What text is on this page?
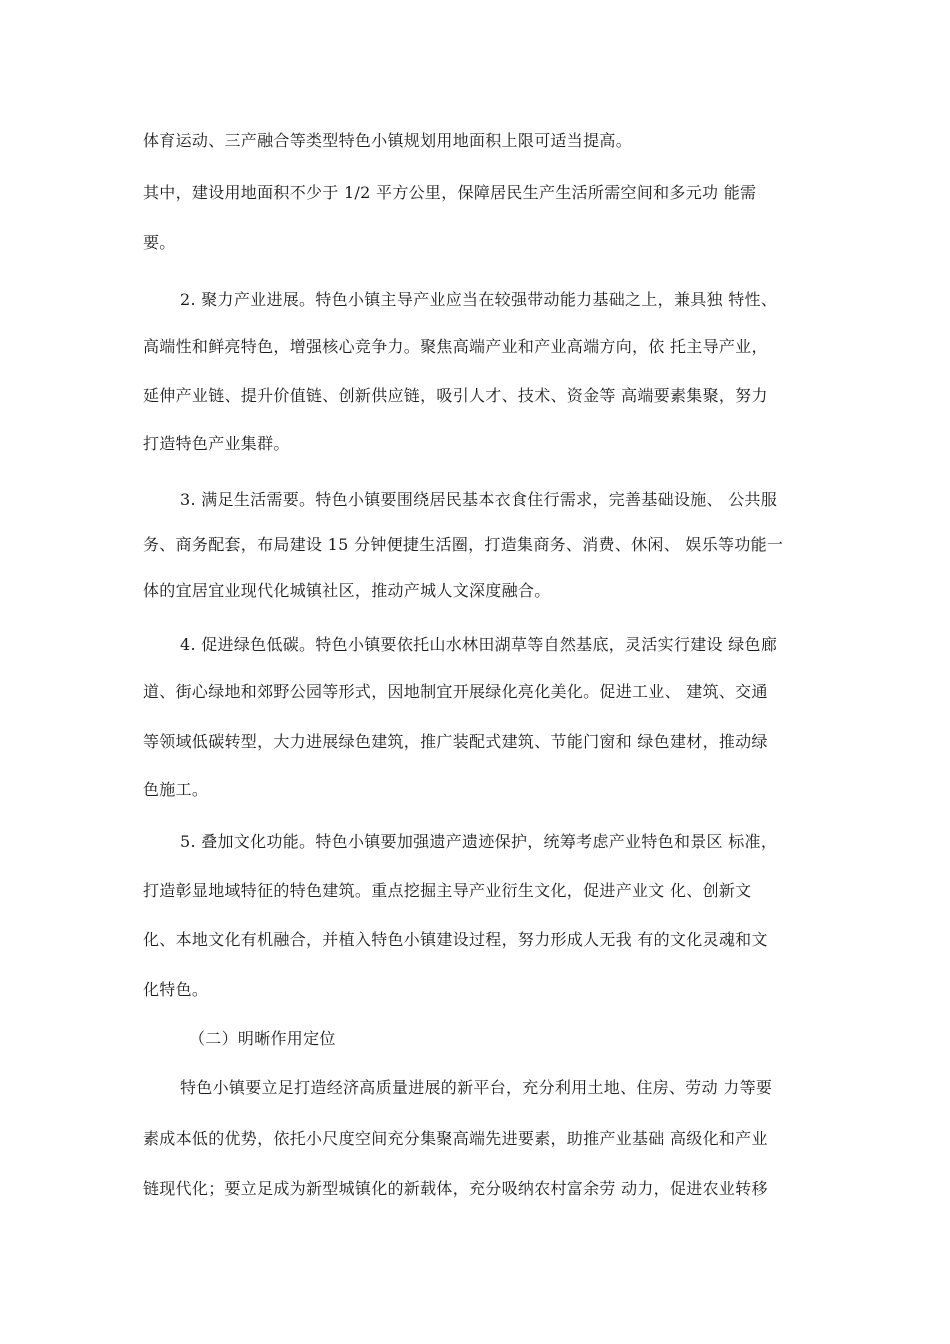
体育运动、三产融合等类型特色小镇规划用地面积上限可适当提高。
其中，建设用地面积不少于 1/2 平方公里，保障居民生产生活所需空间和多元功 能需
要。
2. 聚力产业进展。特色小镇主导产业应当在较强带动能力基础之上，兼具独 特性、
高端性和鲜亮特色，增强核心竞争力。聚焦高端产业和产业高端方向，依 托主导产业，
延伸产业链、提升价值链、创新供应链，吸引人才、技术、资金等 高端要素集聚，努力
打造特色产业集群。
3. 满足生活需要。特色小镇要围绕居民基本衣食住行需求，完善基础设施、 公共服
务、商务配套，布局建设 15 分钟便捷生活圈，打造集商务、消费、休闲、 娱乐等功能一
体的宜居宜业现代化城镇社区，推动产城人文深度融合。
4. 促进绿色低碳。特色小镇要依托山水林田湖草等自然基底，灵活实行建设 绿色廊
道、街心绿地和郊野公园等形式，因地制宜开展绿化亮化美化。促进工业、 建筑、交通
等领域低碳转型，大力进展绿色建筑，推广装配式建筑、节能门窗和 绿色建材，推动绿
色施工。
5. 叠加文化功能。特色小镇要加强遗产遗迹保护，统筹考虑产业特色和景区 标准，
打造彰显地域特征的特色建筑。重点挖掘主导产业衍生文化，促进产业文 化、创新文
化、本地文化有机融合，并植入特色小镇建设过程，努力形成人无我 有的文化灵魂和文
化特色。
（二）明晰作用定位
特色小镇要立足打造经济高质量进展的新平台，充分利用土地、住房、劳动 力等要
素成本低的优势，依托小尺度空间充分集聚高端先进要素，助推产业基础 高级化和产业
链现代化；要立足成为新型城镇化的新载体，充分吸纳农村富余劳 动力，促进农业转移
